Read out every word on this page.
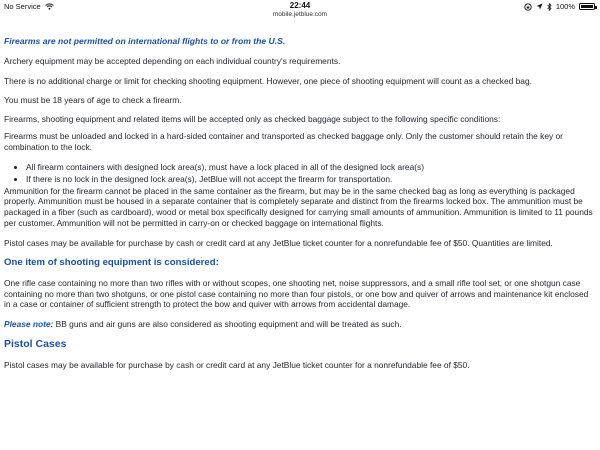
No Service	22:44
mobile.jetblue.com
100%

Firearms are not permitted on international flights to or from the U.S.

Archery equipment may be accepted depending on each individual country's requirements.

There is no additional charge or limit for checking shooting equipment. However, one piece of shooting equipment will count as a checked bag.

You must be 18 years of age to check a firearm.

Firearms, shooting equipment and related items will be accepted only as checked baggage subject to the following specific conditions:

Firearms must be unloaded and locked in a hard-sided container and transported as checked baggage only. Only the customer should retain the key or combination to the lock.

• All firearm containers with designed lock area(s), must have a lock placed in all of the designed lock area(s)
• If there is no lock in the designed lock area(s), JetBlue will not accept the firearm for transportation.

Ammunition for the firearm cannot be placed in the same container as the firearm, but may be in the same checked bag as long as everything is packaged properly. Ammunition must be housed in a separate container that is completely separate and distinct from the firearms locked box. The ammunition must be packaged in a fiber (such as cardboard), wood or metal box specifically designed for carrying small amounts of ammunition. Ammunition is limited to 11 pounds per customer. Ammunition will not be permitted in carry-on or checked baggage on international flights.

Pistol cases may be available for purchase by cash or credit card at any JetBlue ticket counter for a nonrefundable fee of $50. Quantities are limited.

One item of shooting equipment is considered:

One rifle case containing no more than two rifles with or without scopes, one shooting net, noise suppressors, and a small rifle tool set, or one shotgun case containing no more than two shotguns, or one pistol case containing no more than four pistols, or one bow and quiver of arrows and maintenance kit enclosed in a case or container of sufficient strength to protect the bow and quiver with arrows from accidental damage.

Please note: BB guns and air guns are also considered as shooting equipment and will be treated as such.

Pistol Cases

Pistol cases may be available for purchase by cash or credit card at any JetBlue ticket counter for a nonrefundable fee of $50.
